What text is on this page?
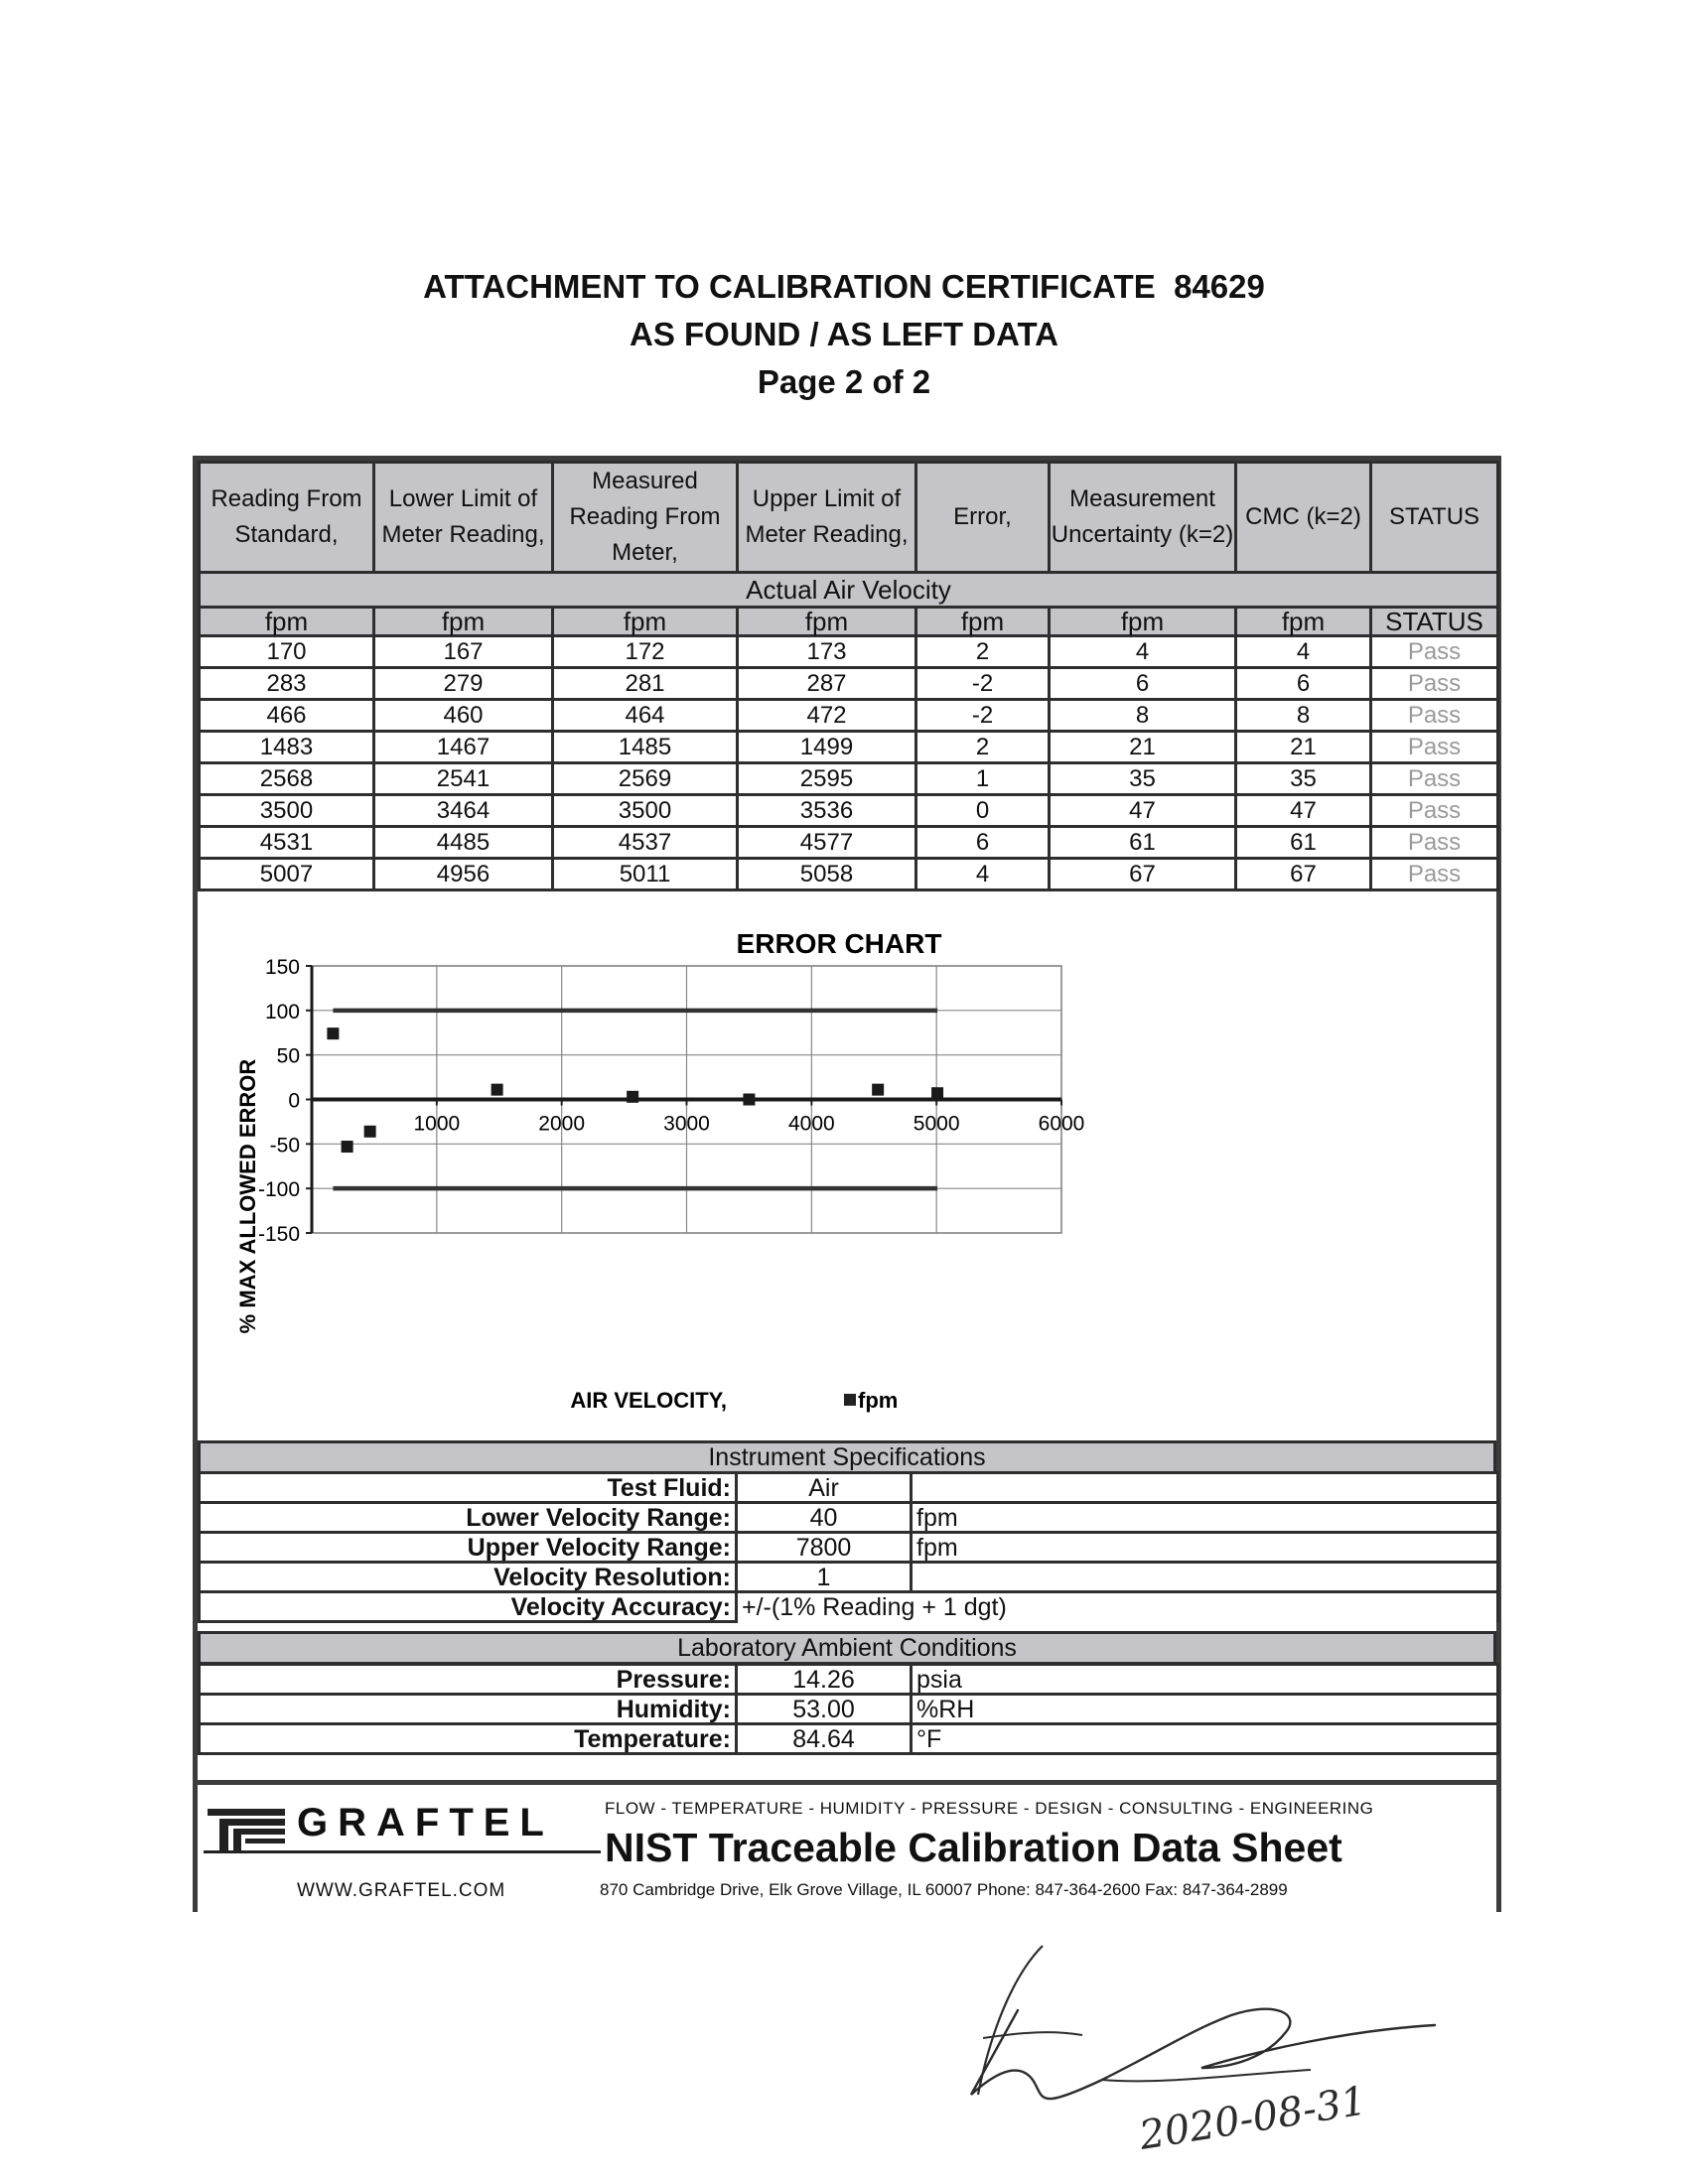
ATTACHMENT TO CALIBRATION CERTIFICATE 84629
AS FOUND / AS LEFT DATA
Page 2 of 2
Reading From Standard,	Lower Limit of Meter Reading,	Measured Reading From Meter,	Upper Limit of Meter Reading,	Error,	Measurement Uncertainty (k=2)	CMC (k=2)	STATUS
Actual Air Velocity							
fpm	fpm	fpm	fpm	fpm	fpm	fpm	STATUS
170	167	172	173	2	4	4	Pass
283	279	281	287	-2	6	6	Pass
466	460	464	472	-2	8	8	Pass
1483	1467	1485	1499	2	21	21	Pass
2568	2541	2569	2595	1	35	35	Pass
3500	3464	3500	3536	0	47	47	Pass
4531	4485	4537	4577	6	61	61	Pass
5007	4956	5011	5058	4	67	67	Pass
ERROR CHART
% MAX ALLOWED ERROR
150
100
50
0
-50
-100
-150
1000	2000	3000	4000	5000	6000
AIR VELOCITY,	fpm
Instrument Specifications
Test Fluid:	Air	
Lower Velocity Range:	40	fpm
Upper Velocity Range:	7800	fpm
Velocity Resolution:	1	
Velocity Accuracy:	+/-(1% Reading + 1 dgt)	
Laboratory Ambient Conditions
Pressure:	14.26	psia
Humidity:	53.00	%RH
Temperature:	84.64	°F
GRAFTEL
WWW.GRAFTEL.COM
FLOW - TEMPERATURE - HUMIDITY - PRESSURE - DESIGN - CONSULTING - ENGINEERING
NIST Traceable Calibration Data Sheet
870 Cambridge Drive, Elk Grove Village, IL 60007 Phone: 847-364-2600 Fax: 847-364-2899
2020-08-31
